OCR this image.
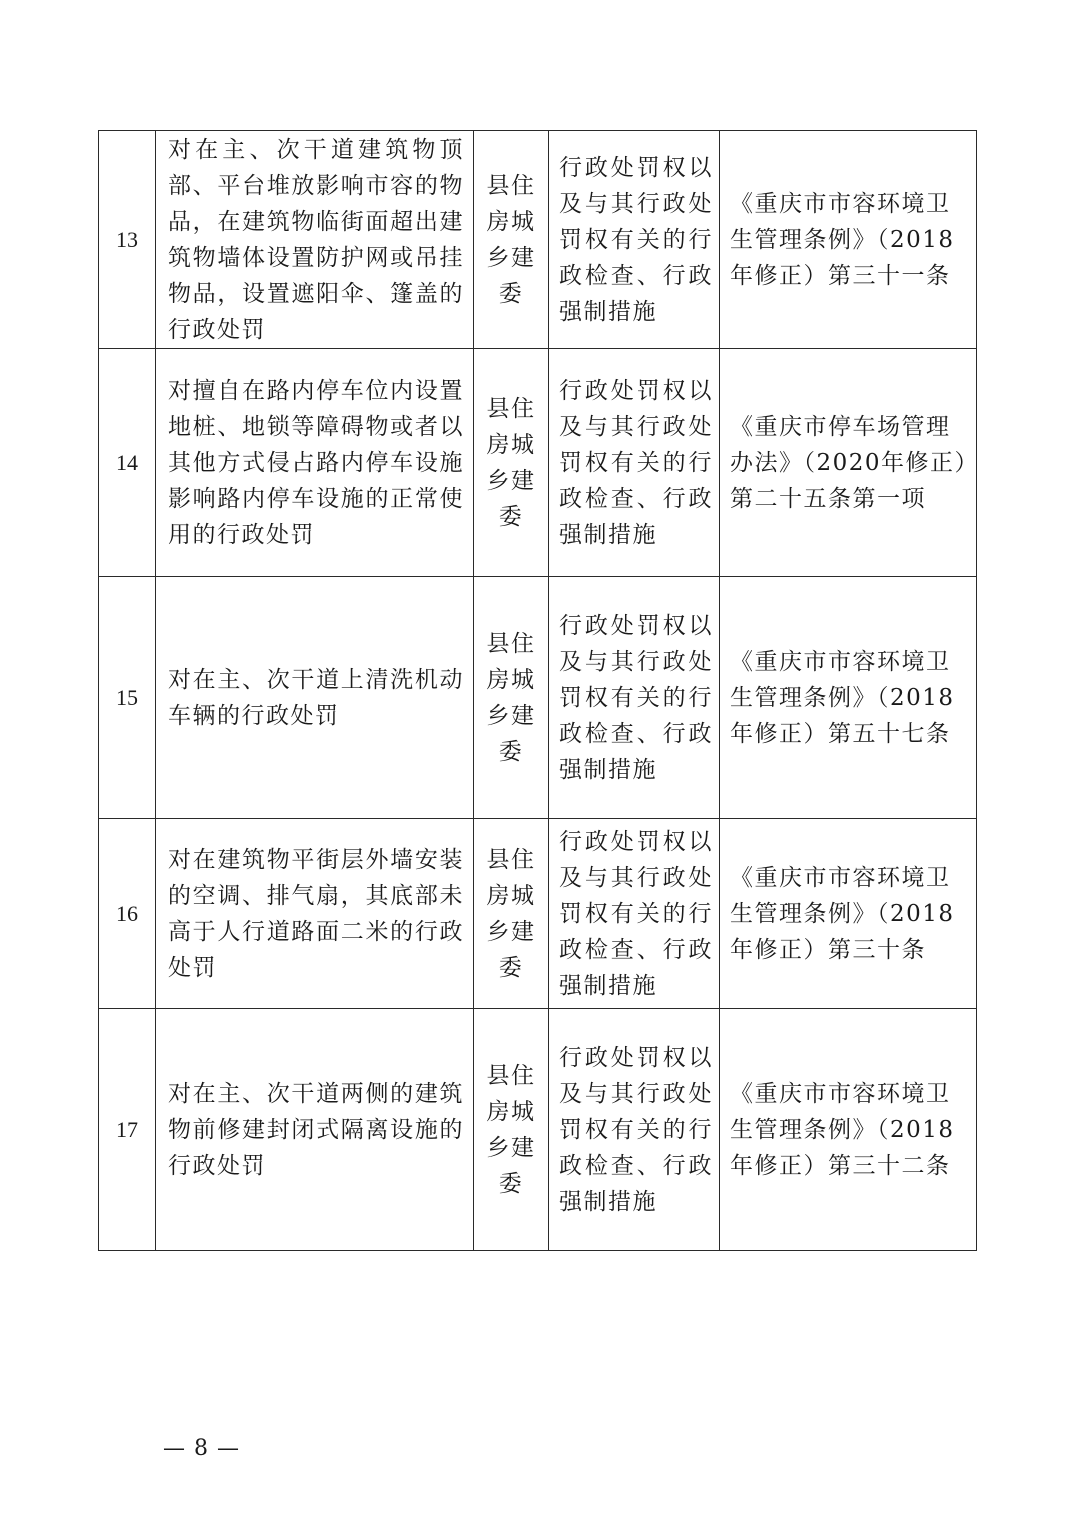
13	对在主、次干道建筑物顶部、平台堆放影响市容的物品，在建筑物临街面超出建筑物墙体设置防护网或吊挂物品，设置遮阳伞、篷盖的行政处罚	县住
房城
乡建
委	行政处罚权以及与其行政处罚权有关的行政检查、行政强制措施	《重庆市市容环境卫生管理条例》（2018年修正）第三十一条
14	对擅自在路内停车位内设置地桩、地锁等障碍物或者以其他方式侵占路内停车设施影响路内停车设施的正常使用的行政处罚	县住
房城
乡建
委	行政处罚权以及与其行政处罚权有关的行政检查、行政强制措施	《重庆市停车场管理办法》（2020年修正）第二十五条第一项
15	对在主、次干道上清洗机动车辆的行政处罚	县住
房城
乡建
委	行政处罚权以及与其行政处罚权有关的行政检查、行政强制措施	《重庆市市容环境卫生管理条例》（2018年修正）第五十七条
16	对在建筑物平街层外墙安装的空调、排气扇，其底部未高于人行道路面二米的行政处罚	县住
房城
乡建
委	行政处罚权以及与其行政处罚权有关的行政检查、行政强制措施	《重庆市市容环境卫生管理条例》（2018年修正）第三十条
17	对在主、次干道两侧的建筑物前修建封闭式隔离设施的行政处罚	县住
房城
乡建
委	行政处罚权以及与其行政处罚权有关的行政检查、行政强制措施	《重庆市市容环境卫生管理条例》（2018年修正）第三十二条
— 8 —
